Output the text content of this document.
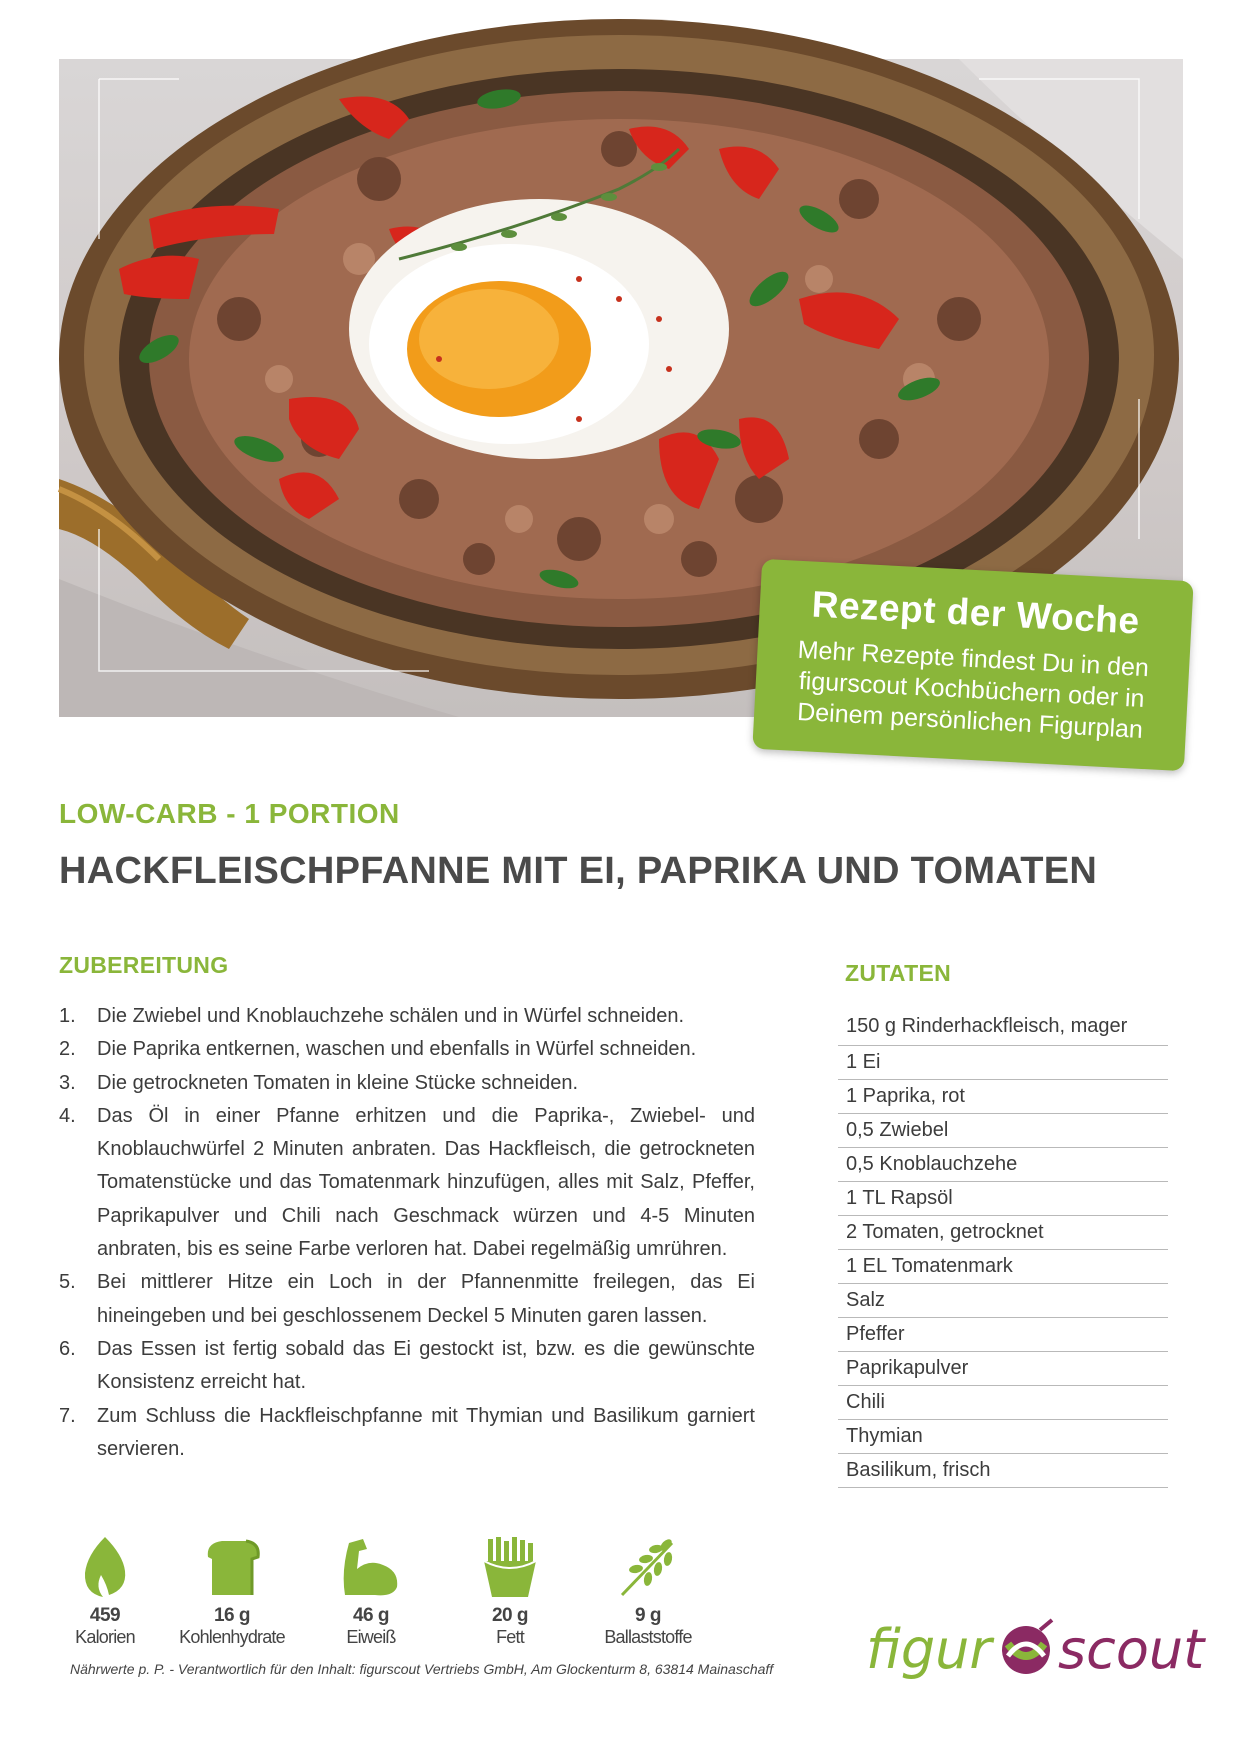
Rezept der Woche
Mehr Rezepte findest Du in den figurscout Kochbüchern oder in Deinem persönlichen Figurplan
LOW-CARB - 1 PORTION
HACKFLEISCHPFANNE MIT EI, PAPRIKA UND TOMATEN
ZUBEREITUNG
1.	Die Zwiebel und Knoblauchzehe schälen und in Würfel schneiden.
2.	Die Paprika entkernen, waschen und ebenfalls in Würfel schneiden.
3.	Die getrockneten Tomaten in kleine Stücke schneiden.
4.	Das Öl in einer Pfanne erhitzen und die Paprika-, Zwiebel- und Knoblauchwürfel 2 Minuten anbraten. Das Hackfleisch, die getrockneten Tomatenstücke und das Tomatenmark hinzufügen, alles mit Salz, Pfeffer, Paprikapulver und Chili nach Geschmack würzen und 4-5 Minuten anbraten, bis es seine Farbe verloren hat. Dabei regelmäßig umrühren.
5.	Bei mittlerer Hitze ein Loch in der Pfannenmitte freilegen, das Ei hineingeben und bei geschlossenem Deckel 5 Minuten garen lassen.
6.	Das Essen ist fertig sobald das Ei gestockt ist, bzw. es die gewünschte Konsistenz erreicht hat.
7.	Zum Schluss die Hackfleischpfanne mit Thymian und Basilikum garniert servieren.
ZUTATEN
150 g Rinderhackfleisch, mager
1 Ei
1 Paprika, rot
0,5 Zwiebel
0,5 Knoblauchzehe
1 TL Rapsöl
2 Tomaten, getrocknet
1 EL Tomatenmark
Salz
Pfeffer
Paprikapulver
Chili
Thymian
Basilikum, frisch
459
Kalorien
16 g
Kohlenhydrate
46 g
Eiweiß
20 g
Fett
9 g
Ballaststoffe
Nährwerte p. P. - Verantwortlich für den Inhalt: figurscout Vertriebs GmbH, Am Glockenturm 8, 63814 Mainaschaff figur scout
